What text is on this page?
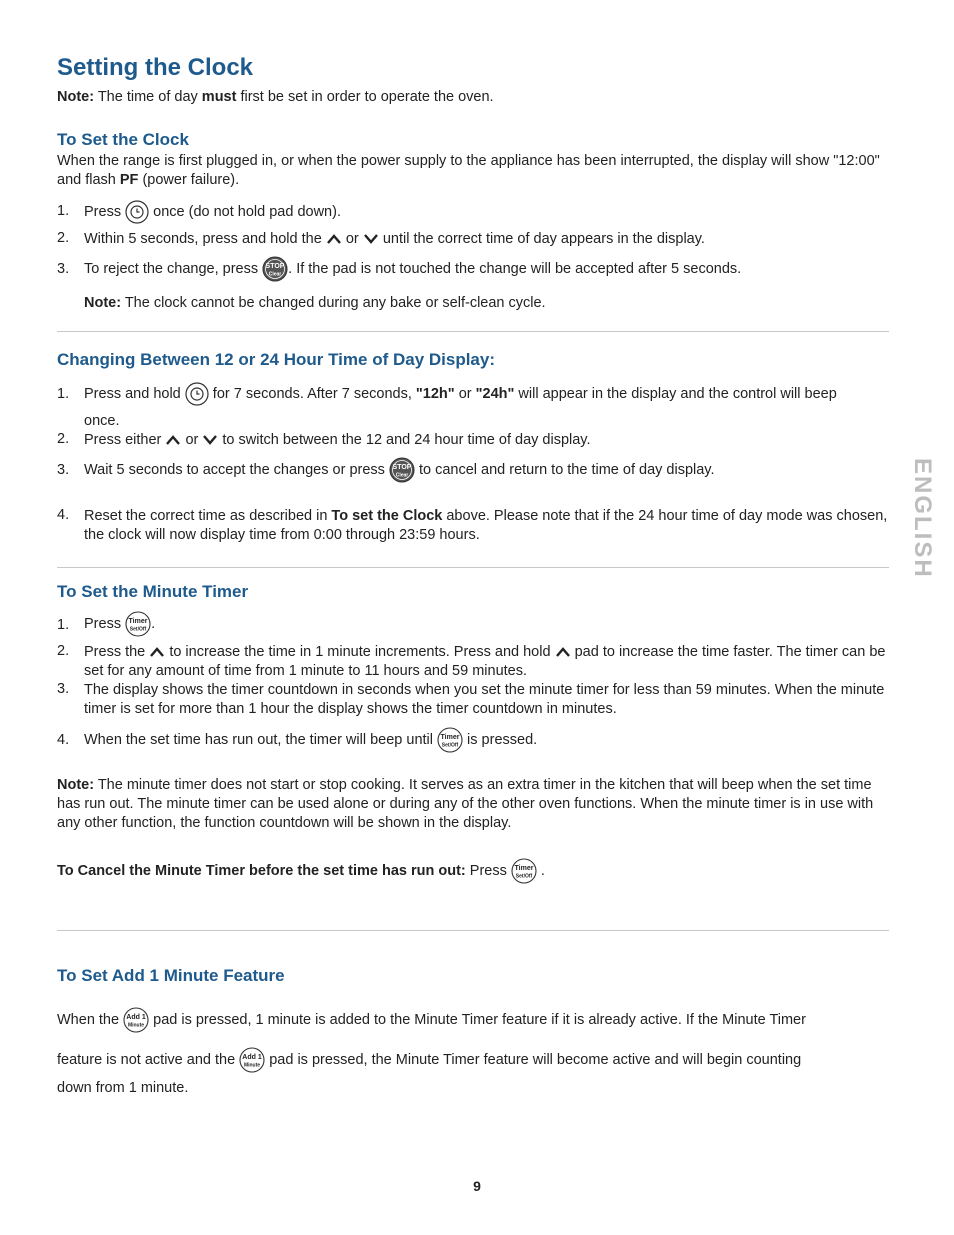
Setting the Clock

Note: The time of day must first be set in order to operate the oven.

To Set the Clock

When the range is first plugged in, or when the power supply to the appliance has been interrupted, the display will show "12:00" and flash PF (power failure).

1. Press once (do not hold pad down).

2. Within 5 seconds, press and hold the or until the correct time of day appears in the display.

3. To reject the change, press STOP
Clear . If the pad is not touched the change will be accepted after 5 seconds.

Note: The clock cannot be changed during any bake or self-clean cycle.

Changing Between 12 or 24 Hour Time of Day Display:
1. Press and hold for 7 seconds. After 7 seconds, "12h" or "24h" will appear in the display and the control will beep

once.

2. Press either or to switch between the 12 and 24 hour time of day display.

3. Wait 5 seconds to accept the changes or press STOP
Clear to cancel and return to the time of day display.

4. Reset the correct time as described in To set the Clock above. Please note that if the 24 hour time of day mode was chosen, the clock will now display time from 0:00 through 23:59 hours.	ENGLISH
To Set the Minute Timer
1. Press Timer
Set/Off .

2. Press the to increase the time in 1 minute increments. Press and hold pad to increase the time faster. The timer can be set for any amount of time from 1 minute to 11 hours and 59 minutes.

3. The display shows the timer countdown in seconds when you set the minute timer for less than 59 minutes. When the minute timer is set for more than 1 hour the display shows the timer countdown in minutes.

4. When the set time has run out, the timer will beep until Timer
Set/Off is pressed.

Note: The minute timer does not start or stop cooking. It serves as an extra timer in the kitchen that will beep when the set time has run out. The minute timer can be used alone or during any of the other oven functions. When the minute timer is in use with any other function, the function countdown will be shown in the display.

To Cancel the Minute Timer before the set time has run out: Press Timer
Set/Off .

To Set Add 1 Minute Feature

When the Add 1
Minute pad is pressed, 1 minute is added to the Minute Timer feature if it is already active. If the Minute Timer

feature is not active and the Add 1
Minute pad is pressed, the Minute Timer feature will become active and will begin counting

down from 1 minute.

9
